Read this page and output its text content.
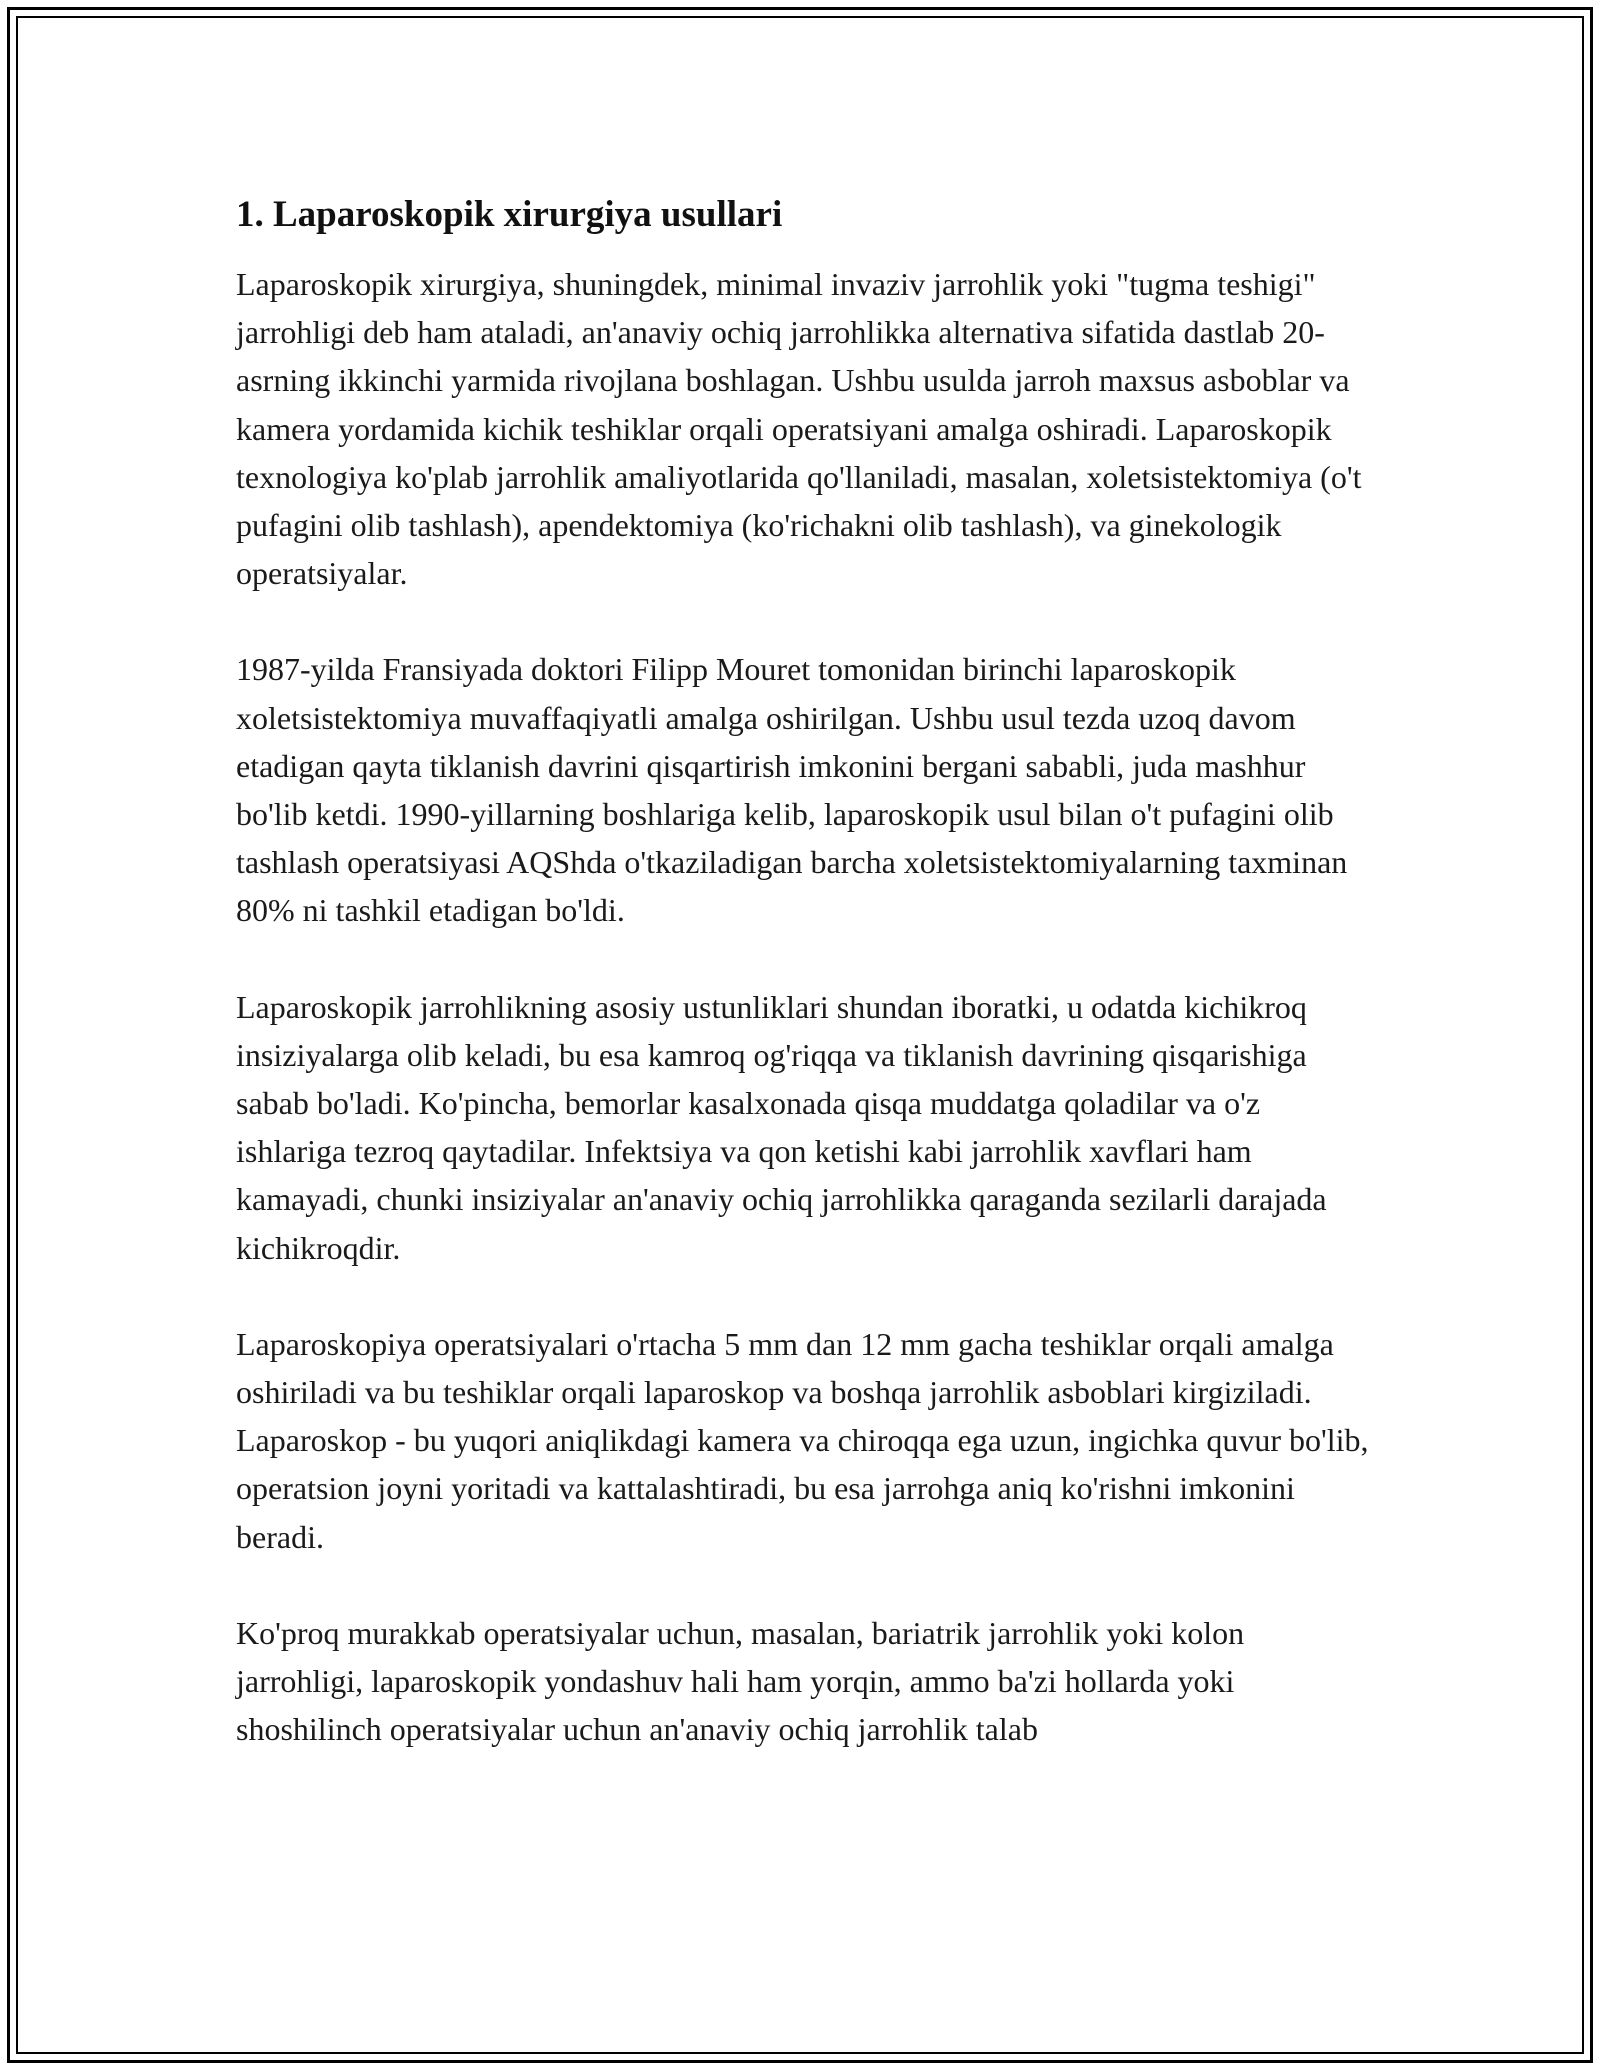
1. Laparoskopik xirurgiya usullari

Laparoskopik xirurgiya, shuningdek, minimal invaziv jarrohlik yoki "tugma teshigi" jarrohligi deb ham ataladi, an'anaviy ochiq jarrohlikka alternativa sifatida dastlab 20-asrning ikkinchi yarmida rivojlana boshlagan. Ushbu usulda jarroh maxsus asboblar va kamera yordamida kichik teshiklar orqali operatsiyani amalga oshiradi. Laparoskopik texnologiya ko'plab jarrohlik amaliyotlarida qo'llaniladi, masalan, xoletsistektomiya (o't pufagini olib tashlash), apendektomiya (ko'richakni olib tashlash), va ginekologik operatsiyalar.

1987-yilda Fransiyada doktori Filipp Mouret tomonidan birinchi laparoskopik xoletsistektomiya muvaffaqiyatli amalga oshirilgan. Ushbu usul tezda uzoq davom etadigan qayta tiklanish davrini qisqartirish imkonini bergani sababli, juda mashhur bo'lib ketdi. 1990-yillarning boshlariga kelib, laparoskopik usul bilan o't pufagini olib tashlash operatsiyasi AQShda o'tkaziladigan barcha xoletsistektomiyalarning taxminan 80% ni tashkil etadigan bo'ldi.

Laparoskopik jarrohlikning asosiy ustunliklari shundan iboratki, u odatda kichikroq insiziyalarga olib keladi, bu esa kamroq og'riqqa va tiklanish davrining qisqarishiga sabab bo'ladi. Ko'pincha, bemorlar kasalxonada qisqa muddatga qoladilar va o'z ishlariga tezroq qaytadilar. Infektsiya va qon ketishi kabi jarrohlik xavflari ham kamayadi, chunki insiziyalar an'anaviy ochiq jarrohlikka qaraganda sezilarli darajada kichikroqdir.

Laparoskopiya operatsiyalari o'rtacha 5 mm dan 12 mm gacha teshiklar orqali amalga oshiriladi va bu teshiklar orqali laparoskop va boshqa jarrohlik asboblari kirgiziladi. Laparoskop - bu yuqori aniqlikdagi kamera va chiroqqa ega uzun, ingichka quvur bo'lib, operatsion joyni yoritadi va kattalashtiradi, bu esa jarrohga aniq ko'rishni imkonini beradi.

Ko'proq murakkab operatsiyalar uchun, masalan, bariatrik jarrohlik yoki kolon jarrohligi, laparoskopik yondashuv hali ham yorqin, ammo ba'zi hollarda yoki shoshilinch operatsiyalar uchun an'anaviy ochiq jarrohlik talab
